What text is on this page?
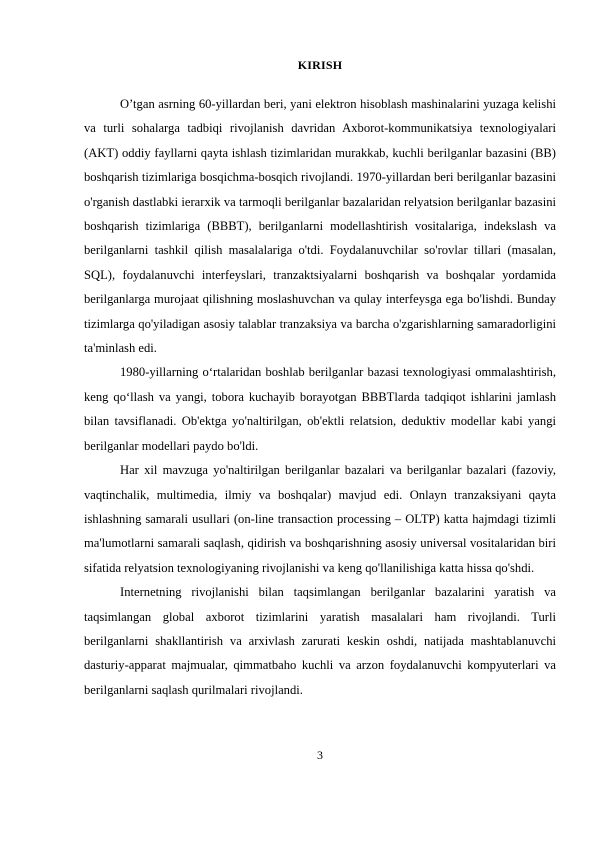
KIRISH

O’tgan asrning 60-yillardan beri, yani elektron hisoblash mashinalarini yuzaga kelishi va turli sohalarga tadbiqi rivojlanish davridan Axborot-kommunikatsiya texnologiyalari (AKT) oddiy fayllarni qayta ishlash tizimlaridan murakkab, kuchli berilganlar bazasini (BB) boshqarish tizimlariga bosqichma-bosqich rivojlandi. 1970-yillardan beri berilganlar bazasini o'rganish dastlabki ierarxik va tarmoqli berilganlar bazalaridan relyatsion berilganlar bazasini boshqarish tizimlariga (BBBT), berilganlarni modellashtirish vositalariga, indekslash va berilganlarni tashkil qilish masalalariga o'tdi. Foydalanuvchilar so'rovlar tillari (masalan, SQL), foydalanuvchi interfeyslari, tranzaktsiyalarni boshqarish va boshqalar yordamida berilganlarga murojaat qilishning moslashuvchan va qulay interfeysga ega bo'lishdi. Bunday tizimlarga qo'yiladigan asosiy talablar tranzaksiya va barcha o'zgarishlarning samaradorligini ta'minlash edi.

1980-yillarning o‘rtalaridan boshlab berilganlar bazasi texnologiyasi ommalashtirish, keng qo‘llash va yangi, tobora kuchayib borayotgan BBBTlarda tadqiqot ishlarini jamlash bilan tavsiflanadi. Ob'ektga yo'naltirilgan, ob'ektli relatsion, deduktiv modellar kabi yangi berilganlar modellari paydo bo'ldi.

Har xil mavzuga yo'naltirilgan berilganlar bazalari va berilganlar bazalari (fazoviy, vaqtinchalik, multimedia, ilmiy va boshqalar) mavjud edi. Onlayn tranzaksiyani qayta ishlashning samarali usullari (on-line transaction processing – OLTP) katta hajmdagi tizimli ma'lumotlarni samarali saqlash, qidirish va boshqarishning asosiy universal vositalaridan biri sifatida relyatsion texnologiyaning rivojlanishi va keng qo'llanilishiga katta hissa qo'shdi.

Internetning rivojlanishi bilan taqsimlangan berilganlar bazalarini yaratish va taqsimlangan global axborot tizimlarini yaratish masalalari ham rivojlandi. Turli berilganlarni shakllantirish va arxivlash zarurati keskin oshdi, natijada mashtablanuvchi dasturiy-apparat majmualar, qimmatbaho kuchli va arzon foydalanuvchi kompyuterlari va berilganlarni saqlash qurilmalari rivojlandi.

3
